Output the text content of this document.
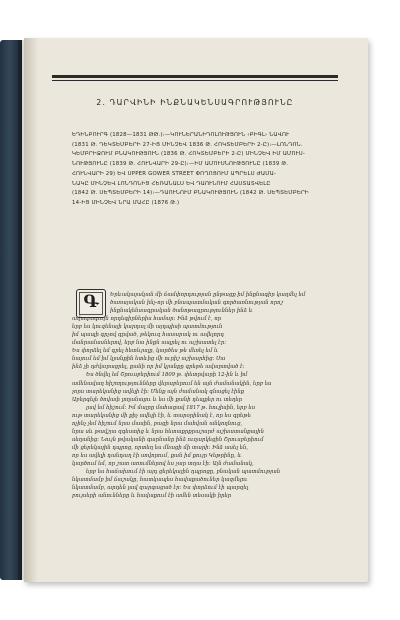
2. ԴԱՐՎԻՆԻ ԻՆՔՆԱԿԵՆՍԱԳՐՈՒԹՅՈՒՆԸ
ԵԴԻՆԲՈՒՐԳ (1828—1831 ԹԹ.)։—ԿՈՒՆԵՐԱՆԻԴՈԼՈՒԹՅՈՒՆ ‹ԲԻԳԼ› ՆԱՎՈՒ
(1831 Թ. ԴԵԿՏԵՄԲԵՐԻ 27-ԻՑ ՄԻՆՉԵՎ 1836 Թ. ՀՈԿՏԵՄԲԵՐԻ 2-Ը)։—ԼՈՆԴՈՆ.
ԿԵՄԲՐԻՋՈՒՄ ԲՆԱԿՈՒԹՅՈՒՆ (1836 Թ. ՀՈԿՏԵՄԲԵՐԻ 2-Ը) ՄԻՆՉԵՎ ԻՄ ԱՄՈՒՍ-
ՆՈՒԹՅՈՒՆԸ (1839 Թ. ՀՈՒՆՎԱՐԻ 29-Ը)։—ԻՄ ԱՄՈՒՍՆՈՒԹՅՈՒՆԸ (1839 Թ.
ՀՈՒՆՎԱՐԻ 29) ԵՎ UPPER GOWER STREET ՓՈՂՈՑՈՒՄ ԱՊՐԵԼՍ ԺԱՄԱ-
ՆԱԿԸ ՄԻՆՉԵՎ ԼՈՆԴՈՆԻՑ ՀԵՌԱՆԱԼՍ ԵՎ ԴԱՈՒՆՈՒՄ ՀԱՍՏԱՏՎԵԼԸ
(1842 Թ. ՍԵՊՏԵՄԲԵՐԻ 14)։—ԴԱՈՒՆՈՒՄ ԲՆԱԿՈՒԹՅՈՒՆ (1842 Թ. ՍԵՊՏԵՄԲԵՐԻ
14-ԻՑ ՄԻՆՉԵՎ ՆՐԱ ՄԱՀԸ (1876 Թ.)
Գ	Երևակայական մի ճամփորդության ընթացք իմ ինքնագիր կազմել եմ
ծառայական ինչ-որ մի բնապատմական գործառնության որոշ
ինքնակենսագրական ծանոթագրություններ ինձ և
ավագագույն որդեգիրներիս համար։ Ինձ թվում է, որ
երբ ես կուզենայի կարդալ մի այդպիսի պատմություն
իմ պապի գրչով գրված, թեկուզ հասարակ ու ավելորդ
մանրամասներով, երբ նա ինքն ապրել ու աշխատել էր։
Ես փորձել եմ գրել հետևյալը, կարծես թե մեռել եմ և
նայում եմ իմ կյանքին ետևից մի ուրիշ աշխարհից։ Սա
ինձ չի դժվարացրել, քանի որ իմ կյանքը գրեթե ավարտված է։
Ես ծնվել եմ Շրուսբերիում 1809 թ. փետրվարի 12-ին և իմ
ամենավաղ հիշողությունները վերաբերում են այն ժամանակին, երբ ես
չորս տարեկանից ավելի էի։ Մենք այն ժամանակ գնացել էինք
Աբերգելե ծովափ լողանալու և ես մի քանի դեպքեր ու տեղեր
լավ եմ հիշում։ Իմ մայրը մահացավ 1817 թ. հուլիսին, երբ ես
ութ տարեկանից մի քիչ ավելի էի, և տարօրինակ է, որ ես գրեթե
ոչինչ չեմ հիշում նրա մասին, բացի նրա մահվան անկողնուց,
նրա սև թավշյա զգեստից և նրա հետաքրքրաշարժ աշխատանքային
սեղանից։ Նույն թվականի գարնանը ինձ ուղարկեցին Շրուսբերիում
մի ցերեկային դպրոց, որտեղ ես մնացի մի տարի։ Ինձ ասել են,
որ ես ավելի դանդաղ էի սովորում, քան իմ քույր Կեթրինը, և
կարծում եմ, որ շատ առումներով ես չար տղա էի։ Այն ժամանակ,
երբ ես հաճախում էի այդ ցերեկային դպրոցը, բնական պատմության
նկատմամբ իմ ճաշակը, հատկապես հավաքածուներ կազմելու
նկատմամբ, արդեն լավ զարգացած էր։ Ես փորձում էի պարզել
բույսերի անունները և հավաքում էի ամեն տեսակի իրեր
